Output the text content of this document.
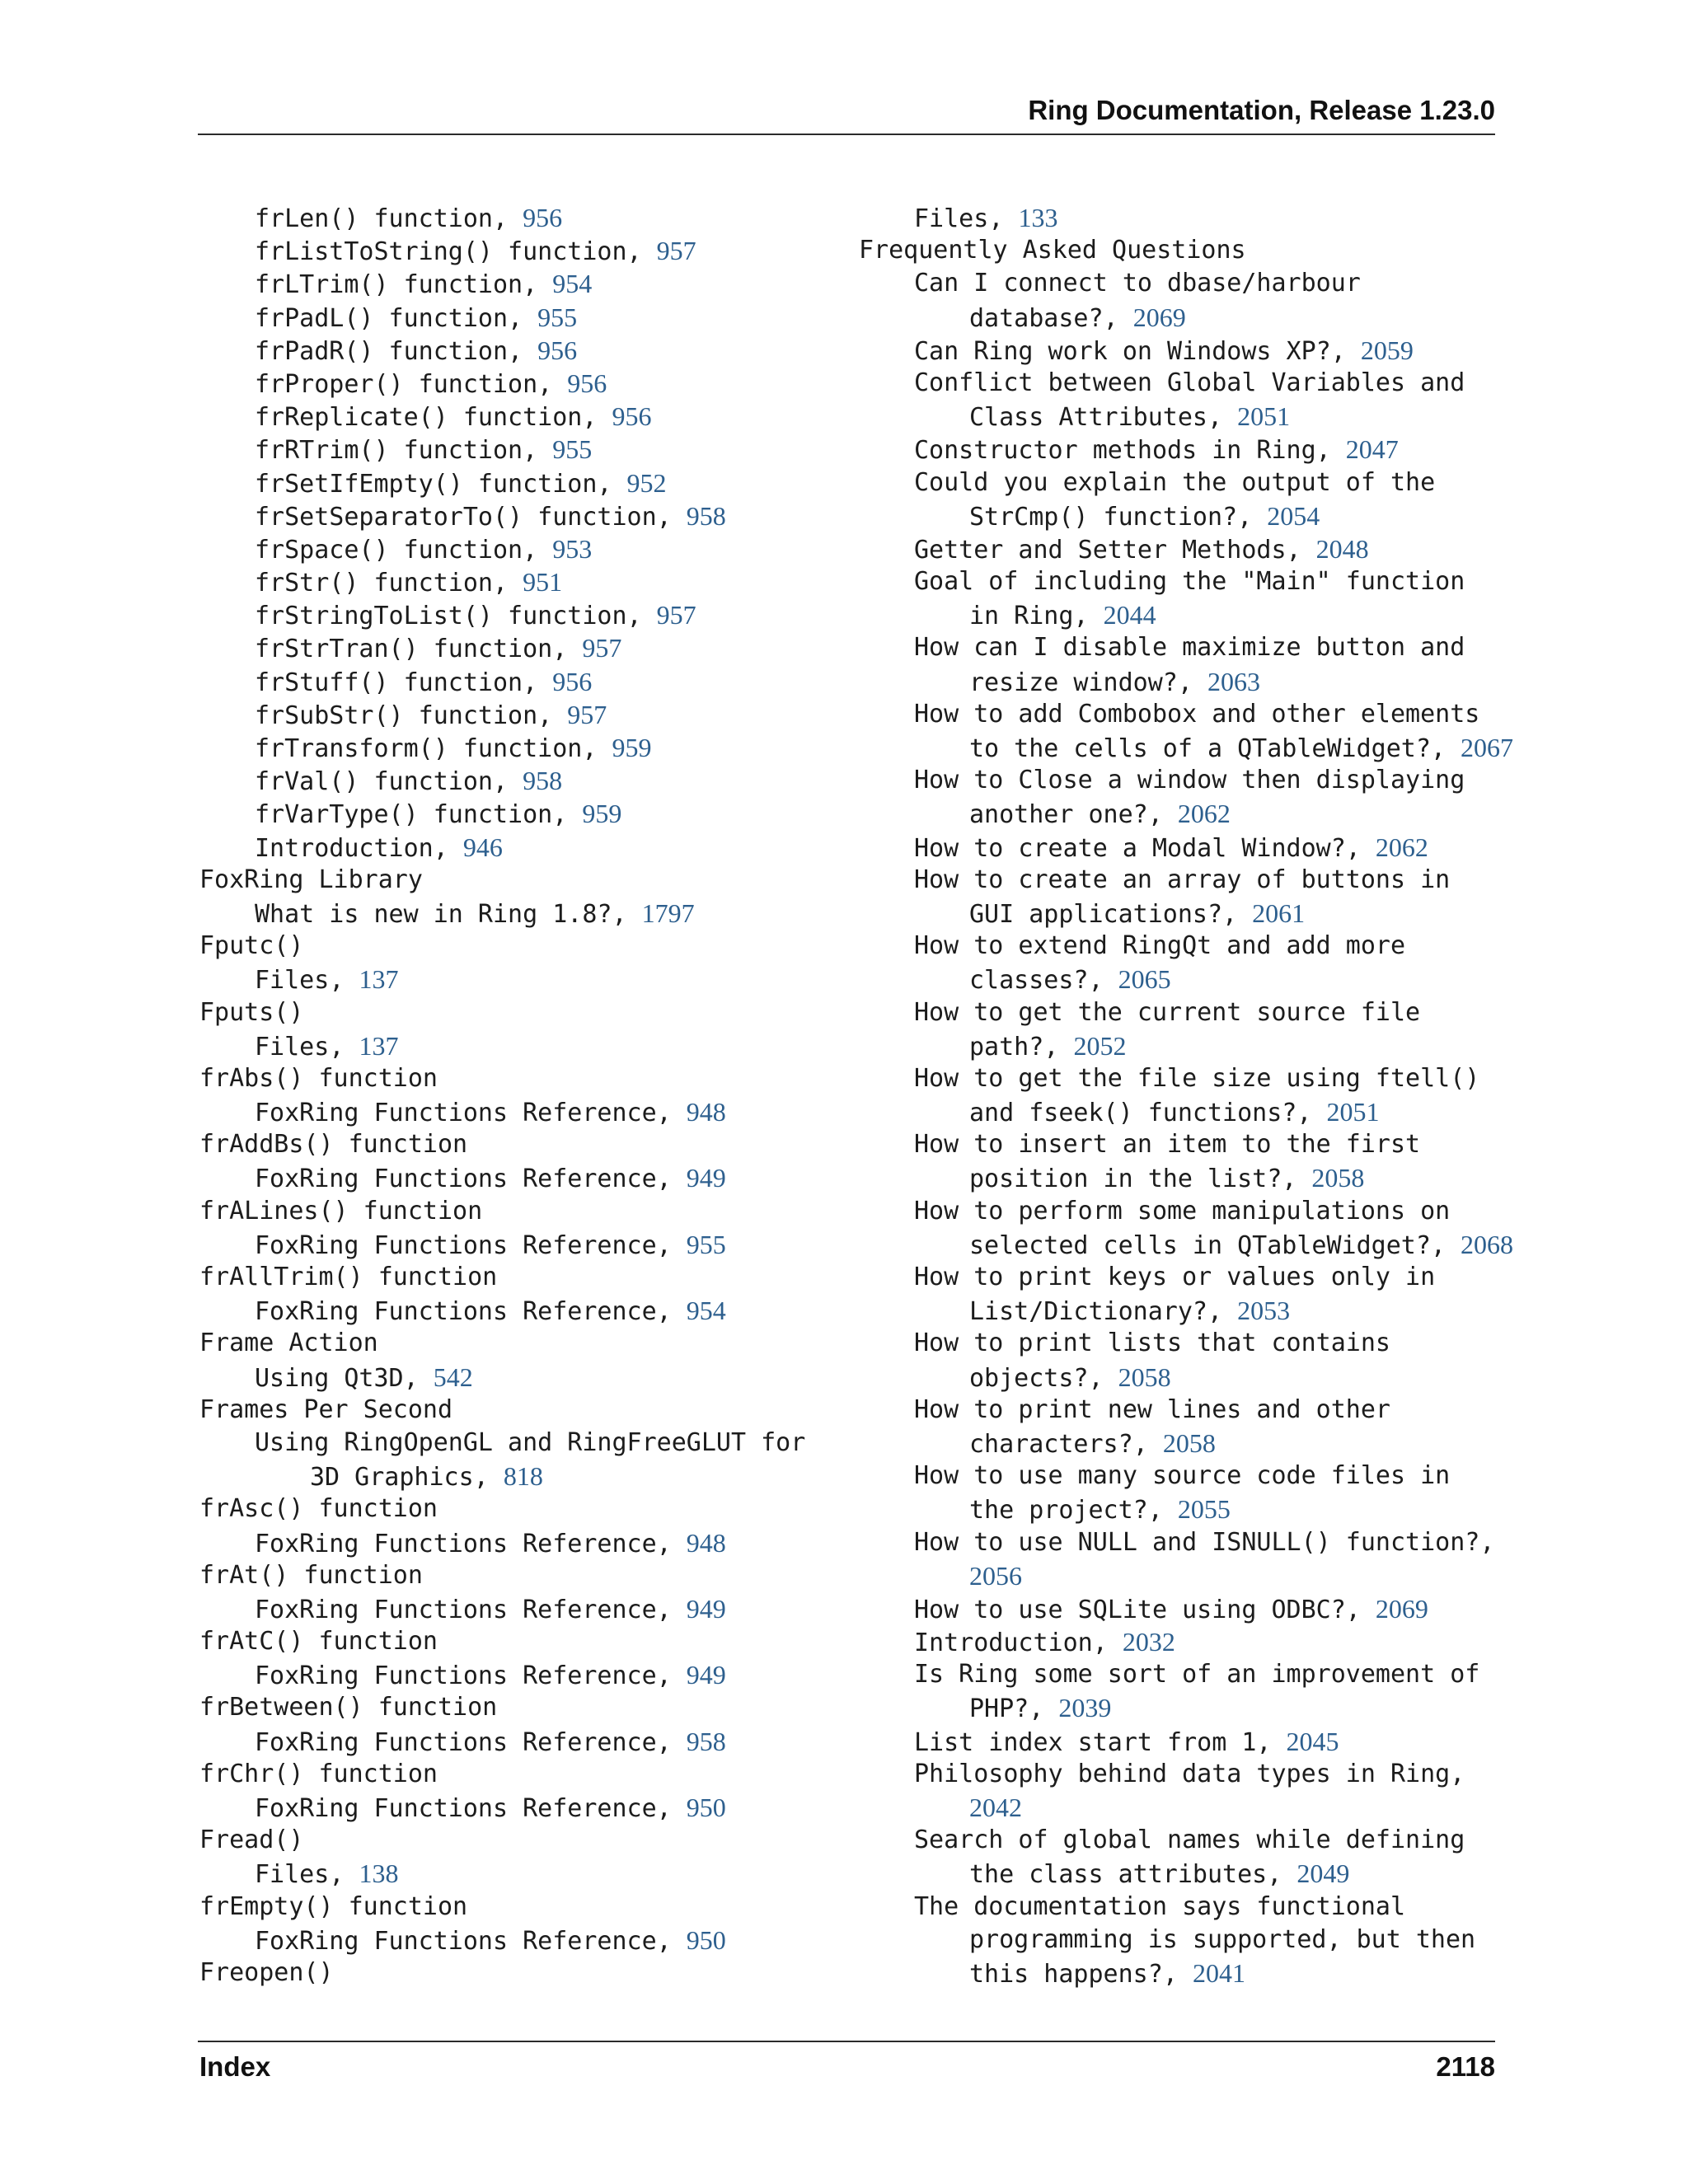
Ring Documentation, Release 1.23.0
frLen() function, 956
frListToString() function, 957
frLTrim() function, 954
frPadL() function, 955
frPadR() function, 956
frProper() function, 956
frReplicate() function, 956
frRTrim() function, 955
frSetIfEmpty() function, 952
frSetSeparatorTo() function, 958
frSpace() function, 953
frStr() function, 951
frStringToList() function, 957
frStrTran() function, 957
frStuff() function, 956
frSubStr() function, 957
frTransform() function, 959
frVal() function, 958
frVarType() function, 959
Introduction, 946
FoxRing Library
What is new in Ring 1.8?, 1797
Fputc()
Files, 137
Fputs()
Files, 137
frAbs() function
FoxRing Functions Reference, 948
frAddBs() function
FoxRing Functions Reference, 949
frALines() function
FoxRing Functions Reference, 955
frAllTrim() function
FoxRing Functions Reference, 954
Frame Action
Using Qt3D, 542
Frames Per Second
Using RingOpenGL and RingFreeGLUT for
3D Graphics, 818
frAsc() function
FoxRing Functions Reference, 948
frAt() function
FoxRing Functions Reference, 949
frAtC() function
FoxRing Functions Reference, 949
frBetween() function
FoxRing Functions Reference, 958
frChr() function
FoxRing Functions Reference, 950
Fread()
Files, 138
frEmpty() function
FoxRing Functions Reference, 950
Freopen()
Files, 133
Frequently Asked Questions
Can I connect to dbase/harbour
database?, 2069
Can Ring work on Windows XP?, 2059
Conflict between Global Variables and
Class Attributes, 2051
Constructor methods in Ring, 2047
Could you explain the output of the
StrCmp() function?, 2054
Getter and Setter Methods, 2048
Goal of including the "Main" function
in Ring, 2044
How can I disable maximize button and
resize window?, 2063
How to add Combobox and other elements
to the cells of a QTableWidget?, 2067
How to Close a window then displaying
another one?, 2062
How to create a Modal Window?, 2062
How to create an array of buttons in
GUI applications?, 2061
How to extend RingQt and add more
classes?, 2065
How to get the current source file
path?, 2052
How to get the file size using ftell()
and fseek() functions?, 2051
How to insert an item to the first
position in the list?, 2058
How to perform some manipulations on
selected cells in QTableWidget?, 2068
How to print keys or values only in
List/Dictionary?, 2053
How to print lists that contains
objects?, 2058
How to print new lines and other
characters?, 2058
How to use many source code files in
the project?, 2055
How to use NULL and ISNULL() function?,
2056
How to use SQLite using ODBC?, 2069
Introduction, 2032
Is Ring some sort of an improvement of
PHP?, 2039
List index start from 1, 2045
Philosophy behind data types in Ring,
2042
Search of global names while defining
the class attributes, 2049
The documentation says functional
programming is supported, but then
this happens?, 2041
Index	2118
